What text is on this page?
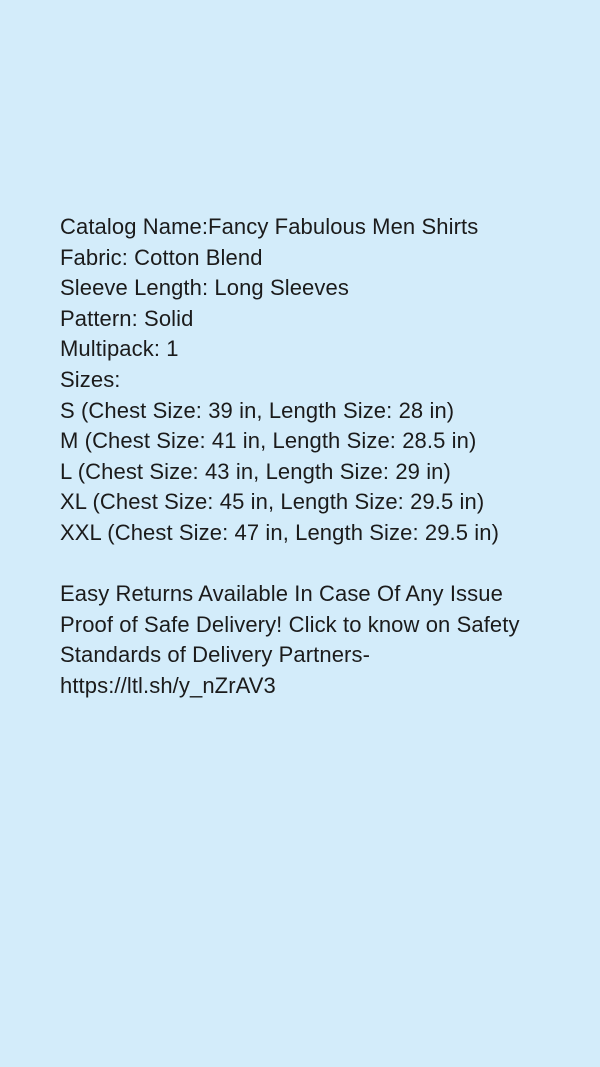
Catalog Name:Fancy Fabulous Men Shirts
Fabric: Cotton Blend
Sleeve Length: Long Sleeves
Pattern: Solid
Multipack: 1
Sizes:
S (Chest Size: 39 in, Length Size: 28 in)
M (Chest Size: 41 in, Length Size: 28.5 in)
L (Chest Size: 43 in, Length Size: 29 in)
XL (Chest Size: 45 in, Length Size: 29.5 in)
XXL (Chest Size: 47 in, Length Size: 29.5 in)
Easy Returns Available In Case Of Any Issue
Proof of Safe Delivery! Click to know on Safety Standards of Delivery Partners- https://ltl.sh/y_nZrAV3
